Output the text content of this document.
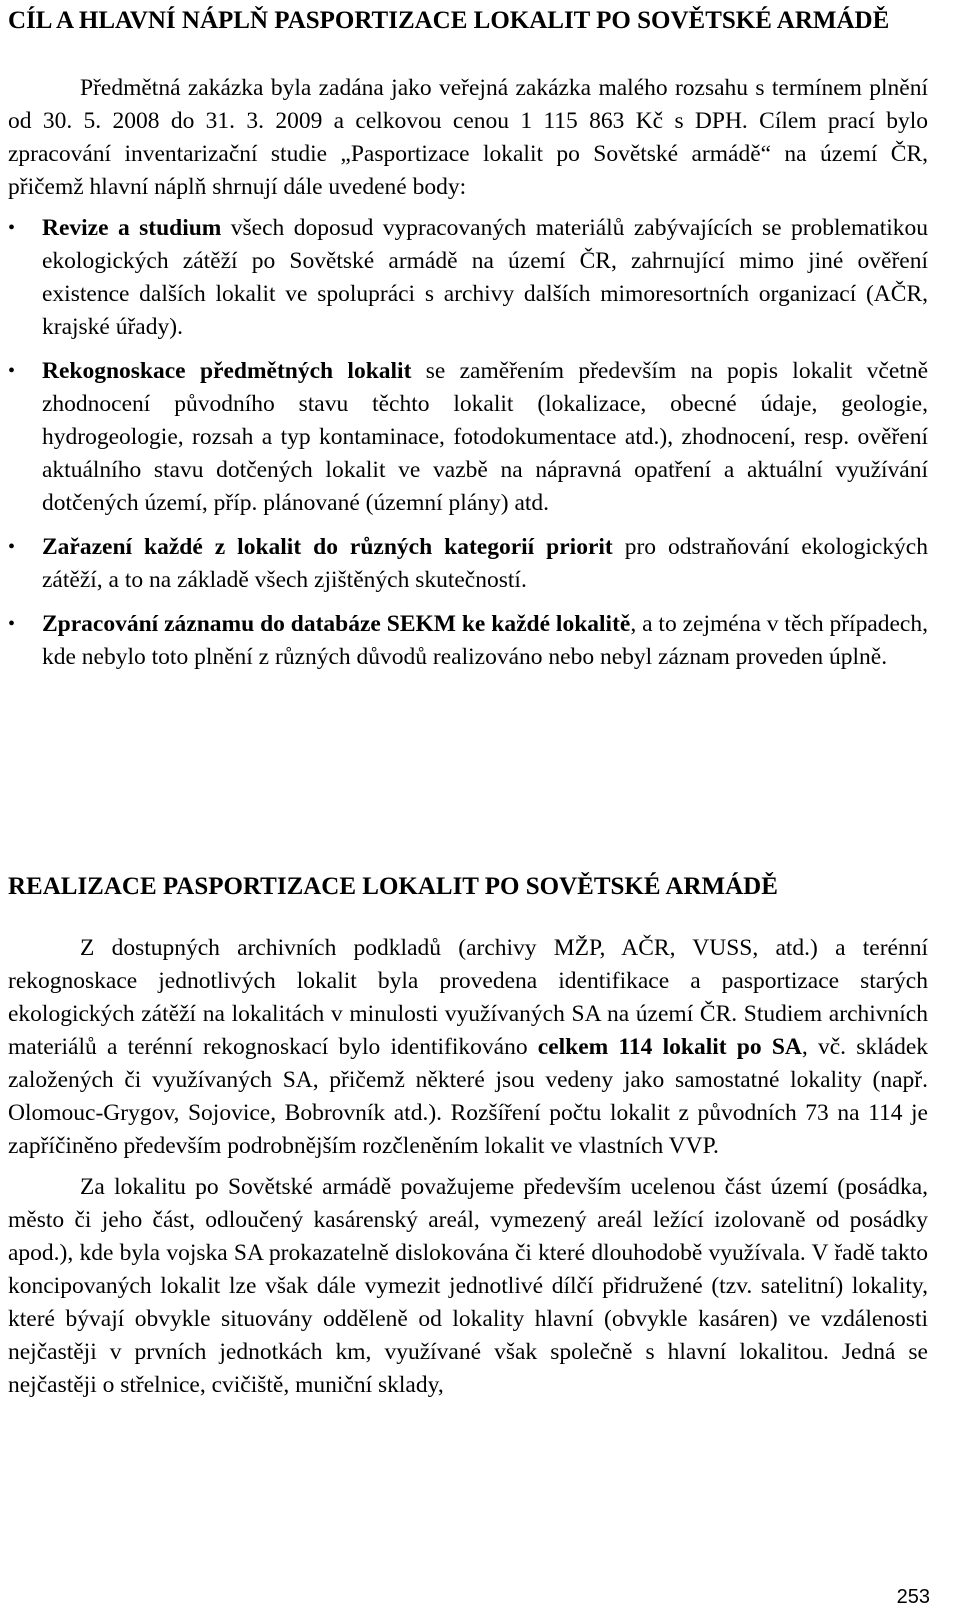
CÍL A HLAVNÍ NÁPLŇ PASPORTIZACE LOKALIT PO SOVĚTSKÉ ARMÁDĚ

Předmětná zakázka byla zadána jako veřejná zakázka malého rozsahu s termínem plnění od 30. 5. 2008 do 31. 3. 2009 a celkovou cenou 1 115 863 Kč s DPH. Cílem prací bylo zpracování inventarizační studie „Pasportizace lokalit po Sovětské armádě“ na území ČR, přičemž hlavní náplň shrnují dále uvedené body:

• Revize a studium všech doposud vypracovaných materiálů zabývajících se problematikou ekologických zátěží po Sovětské armádě na území ČR, zahrnující mimo jiné ověření existence dalších lokalit ve spolupráci s archivy dalších mimoresortních organizací (AČR, krajské úřady).
• Rekognoskace předmětných lokalit se zaměřením především na popis lokalit včetně zhodnocení původního stavu těchto lokalit (lokalizace, obecné údaje, geologie, hydrogeologie, rozsah a typ kontaminace, fotodokumentace atd.), zhodnocení, resp. ověření aktuálního stavu dotčených lokalit ve vazbě na nápravná opatření a aktuální využívání dotčených území, příp. plánované (územní plány) atd.
• Zařazení každé z lokalit do různých kategorií priorit pro odstraňování ekologických zátěží, a to na základě všech zjištěných skutečností.
• Zpracování záznamu do databáze SEKM ke každé lokalitě, a to zejména v těch případech, kde nebylo toto plnění z různých důvodů realizováno nebo nebyl záznam proveden úplně.
REALIZACE PASPORTIZACE LOKALIT PO SOVĚTSKÉ ARMÁDĚ

Z dostupných archivních podkladů (archivy MŽP, AČR, VUSS, atd.) a terénní rekognoskace jednotlivých lokalit byla provedena identifikace a pasportizace starých ekologických zátěží na lokalitách v minulosti využívaných SA na území ČR. Studiem archivních materiálů a terénní rekognoskací bylo identifikováno celkem 114 lokalit po SA, vč. skládek založených či využívaných SA, přičemž některé jsou vedeny jako samostatné lokality (např. Olomouc-Grygov, Sojovice, Bobrovník atd.). Rozšíření počtu lokalit z původních 73 na 114 je zapříčiněno především podrobnějším rozčleněním lokalit ve vlastních VVP.

Za lokalitu po Sovětské armádě považujeme především ucelenou část území (posádka, město či jeho část, odloučený kasárenský areál, vymezený areál ležící izolovaně od posádky apod.), kde byla vojska SA prokazatelně dislokována či které dlouhodobě využívala. V řadě takto koncipovaných lokalit lze však dále vymezit jednotlivé dílčí přidružené (tzv. satelitní) lokality, které bývají obvykle situovány odděleně od lokality hlavní (obvykle kasáren) ve vzdálenosti nejčastěji v prvních jednotkách km, využívané však společně s hlavní lokalitou. Jedná se nejčastěji o střelnice, cvičiště, muniční sklady,

253
